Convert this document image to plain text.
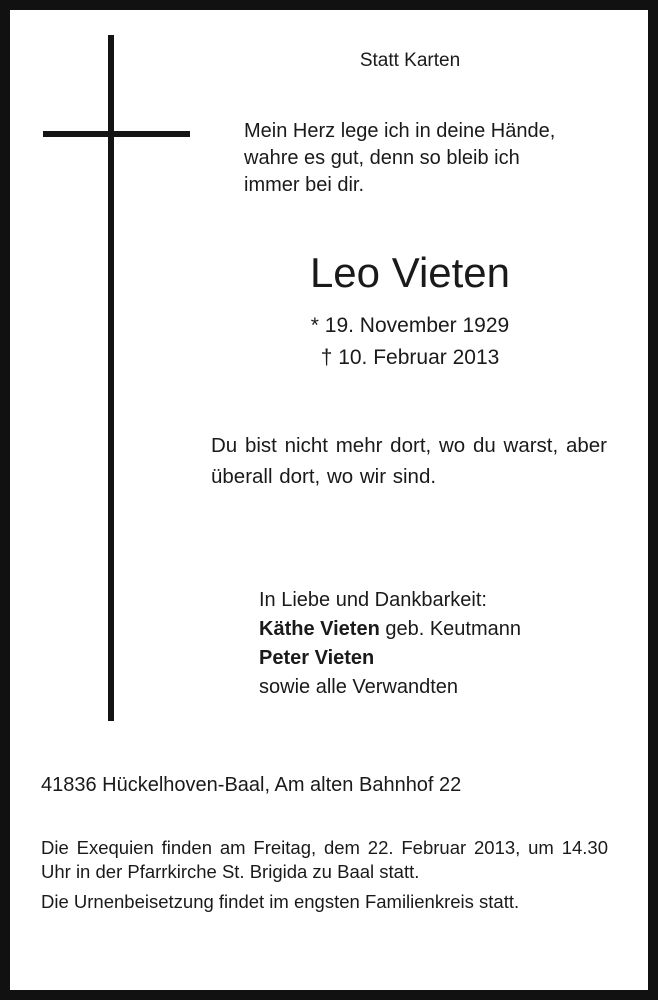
Statt Karten
Mein Herz lege ich in deine Hände,
wahre es gut, denn so bleib ich
immer bei dir.
Leo Vieten
* 19. November 1929
† 10. Februar 2013
Du bist nicht mehr dort, wo du warst, aber überall dort, wo wir sind.
In Liebe und Dankbarkeit:
Käthe Vieten geb. Keutmann
Peter Vieten
sowie alle Verwandten
41836 Hückelhoven-Baal, Am alten Bahnhof 22

Die Exequien finden am Freitag, dem 22. Februar 2013, um 14.30 Uhr in der Pfarrkirche St. Brigida zu Baal statt.

Die Urnenbeisetzung findet im engsten Familienkreis statt.
